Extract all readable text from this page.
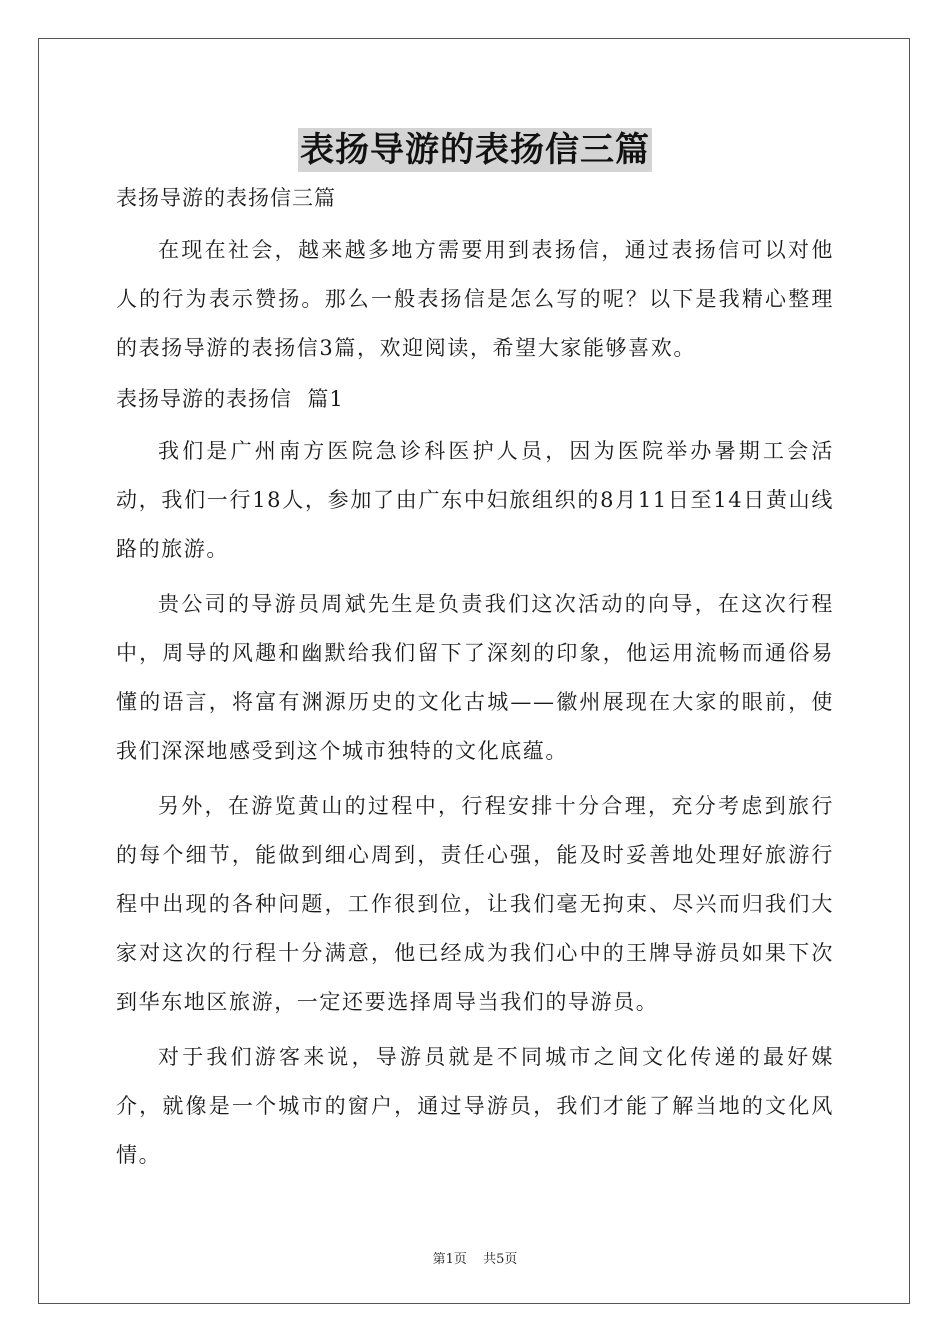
表扬导游的表扬信三篇
表扬导游的表扬信三篇

在现在社会，越来越多地方需要用到表扬信，通过表扬信可以对他人的行为表示赞扬。那么一般表扬信是怎么写的呢？以下是我精心整理的表扬导游的表扬信3篇，欢迎阅读，希望大家能够喜欢。

表扬导游的表扬信  篇1

我们是广州南方医院急诊科医护人员，因为医院举办暑期工会活动，我们一行18人，参加了由广东中妇旅组织的8月11日至14日黄山线路的旅游。

贵公司的导游员周斌先生是负责我们这次活动的向导，在这次行程中，周导的风趣和幽默给我们留下了深刻的印象，他运用流畅而通俗易懂的语言，将富有渊源历史的文化古城——徽州展现在大家的眼前，使我们深深地感受到这个城市独特的文化底蕴。

另外，在游览黄山的过程中，行程安排十分合理，充分考虑到旅行的每个细节，能做到细心周到，责任心强，能及时妥善地处理好旅游行程中出现的各种问题，工作很到位，让我们毫无拘束、尽兴而归我们大家对这次的行程十分满意，他已经成为我们心中的王牌导游员如果下次到华东地区旅游，一定还要选择周导当我们的导游员。

对于我们游客来说，导游员就是不同城市之间文化传递的最好媒介，就像是一个城市的窗户，通过导游员，我们才能了解当地的文化风情。

第1页 共5页
